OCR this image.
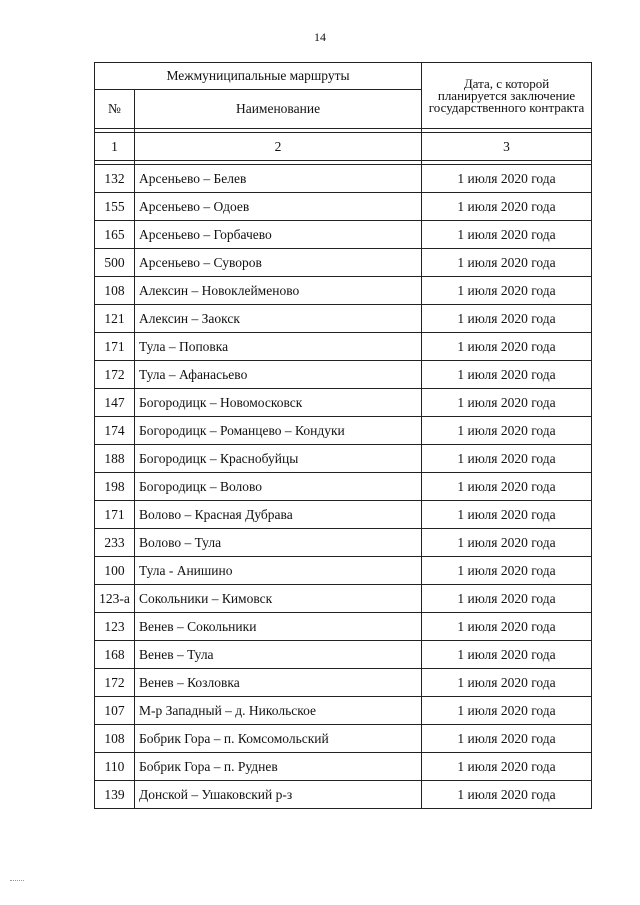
14
Межмуниципальные маршруты		Дата, с которой планируется заключение государственного контракта
№	Наименование	

1	2	3

132	Арсеньево – Белев	1 июля 2020 года
155	Арсеньево – Одоев	1 июля 2020 года
165	Арсеньево – Горбачево	1 июля 2020 года
500	Арсеньево – Суворов	1 июля 2020 года
108	Алексин – Новоклейменово	1 июля 2020 года
121	Алексин – Заокск	1 июля 2020 года
171	Тула – Поповка	1 июля 2020 года
172	Тула – Афанасьево	1 июля 2020 года
147	Богородицк – Новомосковск	1 июля 2020 года
174	Богородицк – Романцево – Кондуки	1 июля 2020 года
188	Богородицк – Краснобуйцы	1 июля 2020 года
198	Богородицк – Волово	1 июля 2020 года
171	Волово – Красная Дубрава	1 июля 2020 года
233	Волово – Тула	1 июля 2020 года
100	Тула - Анишино	1 июля 2020 года
123-а	Сокольники – Кимовск	1 июля 2020 года
123	Венев – Сокольники	1 июля 2020 года
168	Венев – Тула	1 июля 2020 года
172	Венев – Козловка	1 июля 2020 года
107	М-р Западный – д. Никольское	1 июля 2020 года
108	Бобрик Гора – п. Комсомольский	1 июля 2020 года
110	Бобрик Гора – п. Руднев	1 июля 2020 года
139	Донской – Ушаковский р-з	1 июля 2020 года
